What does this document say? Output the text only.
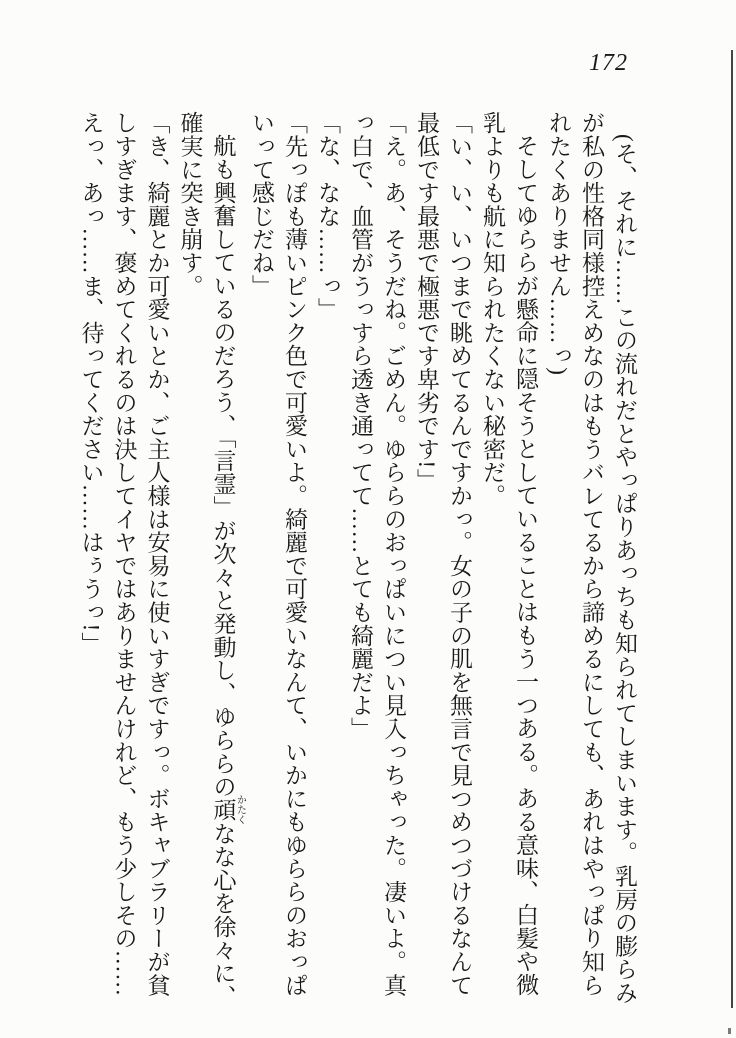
172
(そ、それに……この流れだとやっぱりあっちも知られてしまいます。乳房の膨らみ
が私の性格同様控えめなのはもうバレてるから諦めるにしても、あれはやっぱり知ら
れたくありません……っ)
そしてゆららが懸命に隠そうとしていることはもう一つある。ある意味、白髪や微
乳よりも航に知られたくない秘密だ。
「い、い、いつまで眺めてるんですかっ。女の子の肌を無言で見つめつづけるなんて
最低です最悪で極悪です卑劣です!」
「え。あ、そうだね。ごめん。ゆららのおっぱいについ見入っちゃった。凄いよ。真
っ白で、血管がうっすら透き通ってて……とても綺麗だよ」
「な、なな……っ」
「先っぽも薄いピンク色で可愛いよ。綺麗で可愛いなんて、いかにもゆららのおっぱ
いって感じだね」
航も興奮しているのだろう、「言霊」が次々と発動し、ゆららの頑 かたくなな心を徐々に、
確実に突き崩す。
「き、綺麗とか可愛いとか、ご主人様は安易に使いすぎですっ。ボキャブラリーが貧
しすぎます、褒めてくれるのは決してイヤではありませんけれど、もう少しその……
えっ、あっ……ま、待ってください……はぅうっ!」
